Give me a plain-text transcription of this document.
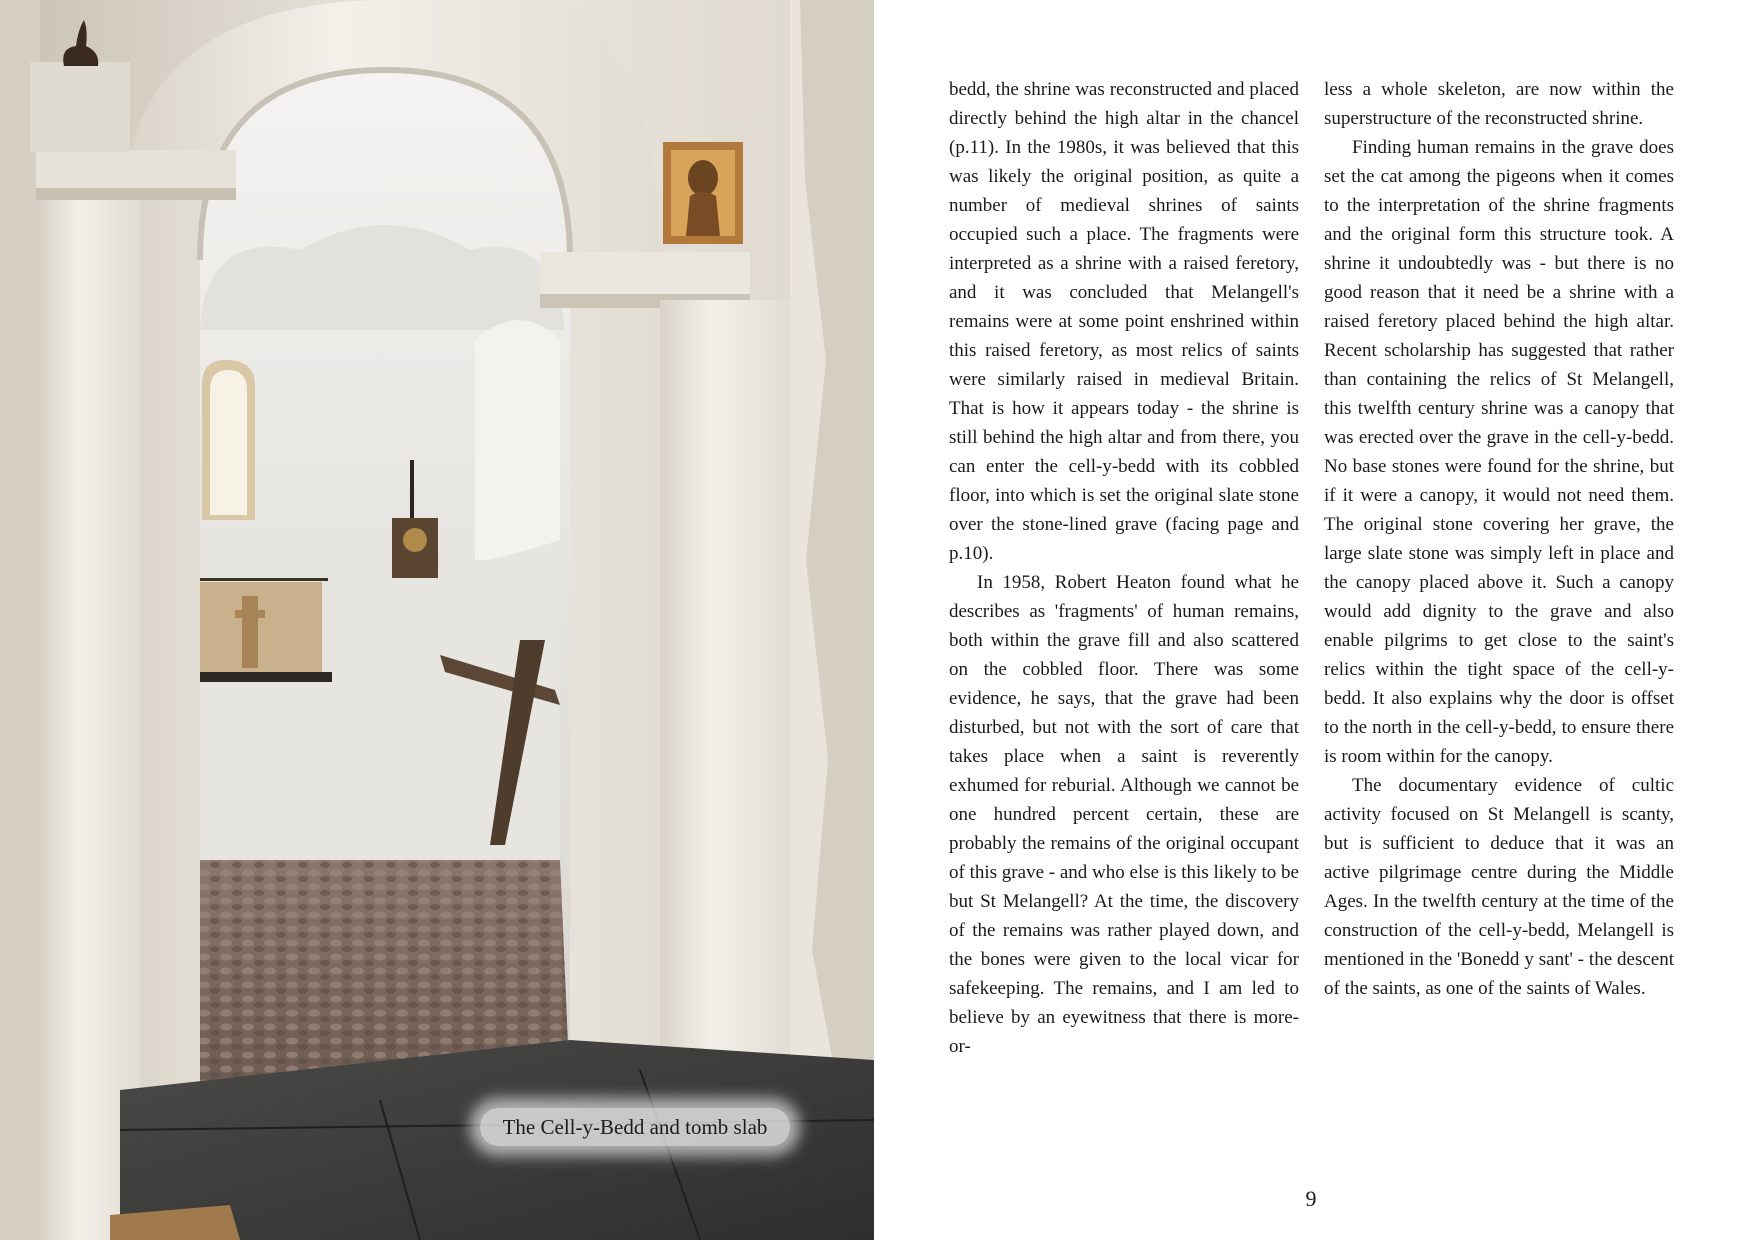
The Cell-y-Bedd and tomb slab

bedd, the shrine was reconstructed and placed directly behind the high altar in the chancel (p.11). In the 1980s, it was believed that this was likely the original position, as quite a number of medieval shrines of saints occupied such a place. The fragments were interpreted as a shrine with a raised feretory, and it was concluded that Melangell's remains were at some point enshrined within this raised feretory, as most relics of saints were similarly raised in medieval Britain. That is how it appears today - the shrine is still behind the high altar and from there, you can enter the cell-y-bedd with its cobbled floor, into which is set the original slate stone over the stone-lined grave (facing page and p.10).

In 1958, Robert Heaton found what he describes as 'fragments' of human remains, both within the grave fill and also scattered on the cobbled floor. There was some evidence, he says, that the grave had been disturbed, but not with the sort of care that takes place when a saint is reverently exhumed for reburial. Although we cannot be one hundred percent certain, these are probably the remains of the original occupant of this grave - and who else is this likely to be but St Melangell? At the time, the discovery of the remains was rather played down, and the bones were given to the local vicar for safekeeping. The remains, and I am led to believe by an eyewitness that there is more-or-

less a whole skeleton, are now within the superstructure of the reconstructed shrine.

Finding human remains in the grave does set the cat among the pigeons when it comes to the interpretation of the shrine fragments and the original form this structure took. A shrine it undoubtedly was - but there is no good reason that it need be a shrine with a raised feretory placed behind the high altar. Recent scholarship has suggested that rather than containing the relics of St Melangell, this twelfth century shrine was a canopy that was erected over the grave in the cell-y-bedd. No base stones were found for the shrine, but if it were a canopy, it would not need them. The original stone covering her grave, the large slate stone was simply left in place and the canopy placed above it. Such a canopy would add dignity to the grave and also enable pilgrims to get close to the saint's relics within the tight space of the cell-y-bedd. It also explains why the door is offset to the north in the cell-y-bedd, to ensure there is room within for the canopy.

The documentary evidence of cultic activity focused on St Melangell is scanty, but is sufficient to deduce that it was an active pilgrimage centre during the Middle Ages. In the twelfth century at the time of the construction of the cell-y-bedd, Melangell is mentioned in the 'Bonedd y sant' - the descent of the saints, as one of the saints of Wales.

9
